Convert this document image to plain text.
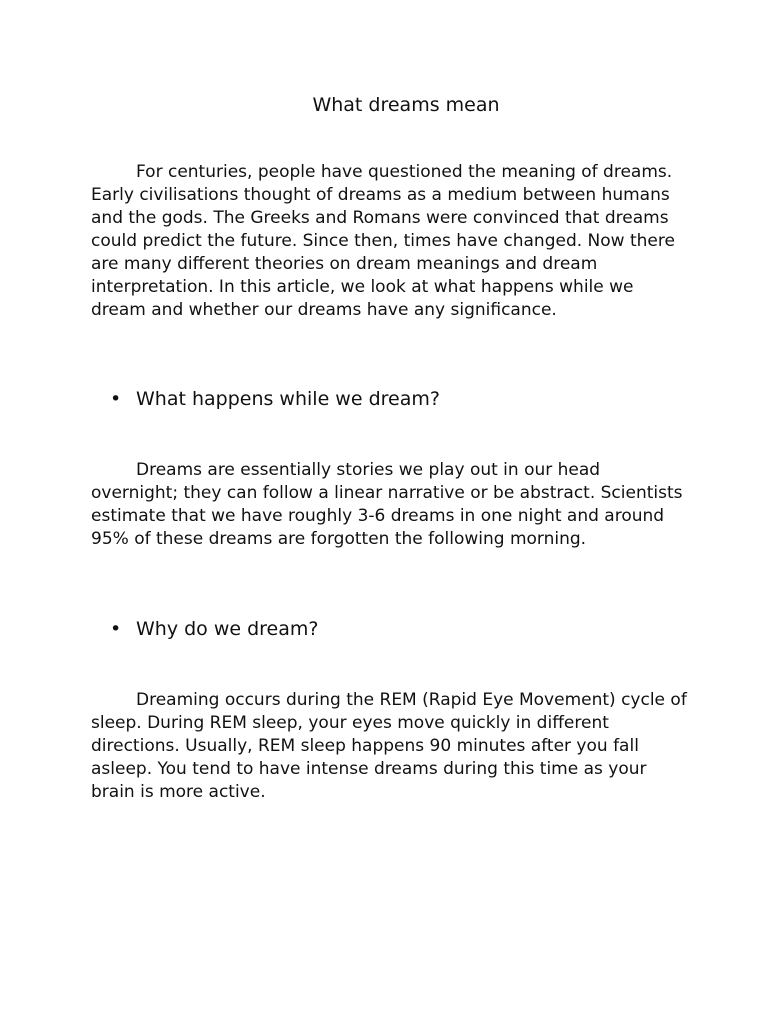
What dreams mean

For centuries, people have questioned the meaning of dreams. Early civilisations thought of dreams as a medium between humans and the gods. The Greeks and Romans were convinced that dreams could predict the future. Since then, times have changed. Now there are many different theories on dream meanings and dream interpretation. In this article, we look at what happens while we dream and whether our dreams have any significance.

• What happens while we dream?

Dreams are essentially stories we play out in our head overnight; they can follow a linear narrative or be abstract. Scientists estimate that we have roughly 3-6 dreams in one night and around 95% of these dreams are forgotten the following morning.

• Why do we dream?

Dreaming occurs during the REM (Rapid Eye Movement) cycle of sleep. During REM sleep, your eyes move quickly in different directions. Usually, REM sleep happens 90 minutes after you fall asleep. You tend to have intense dreams during this time as your brain is more active.
